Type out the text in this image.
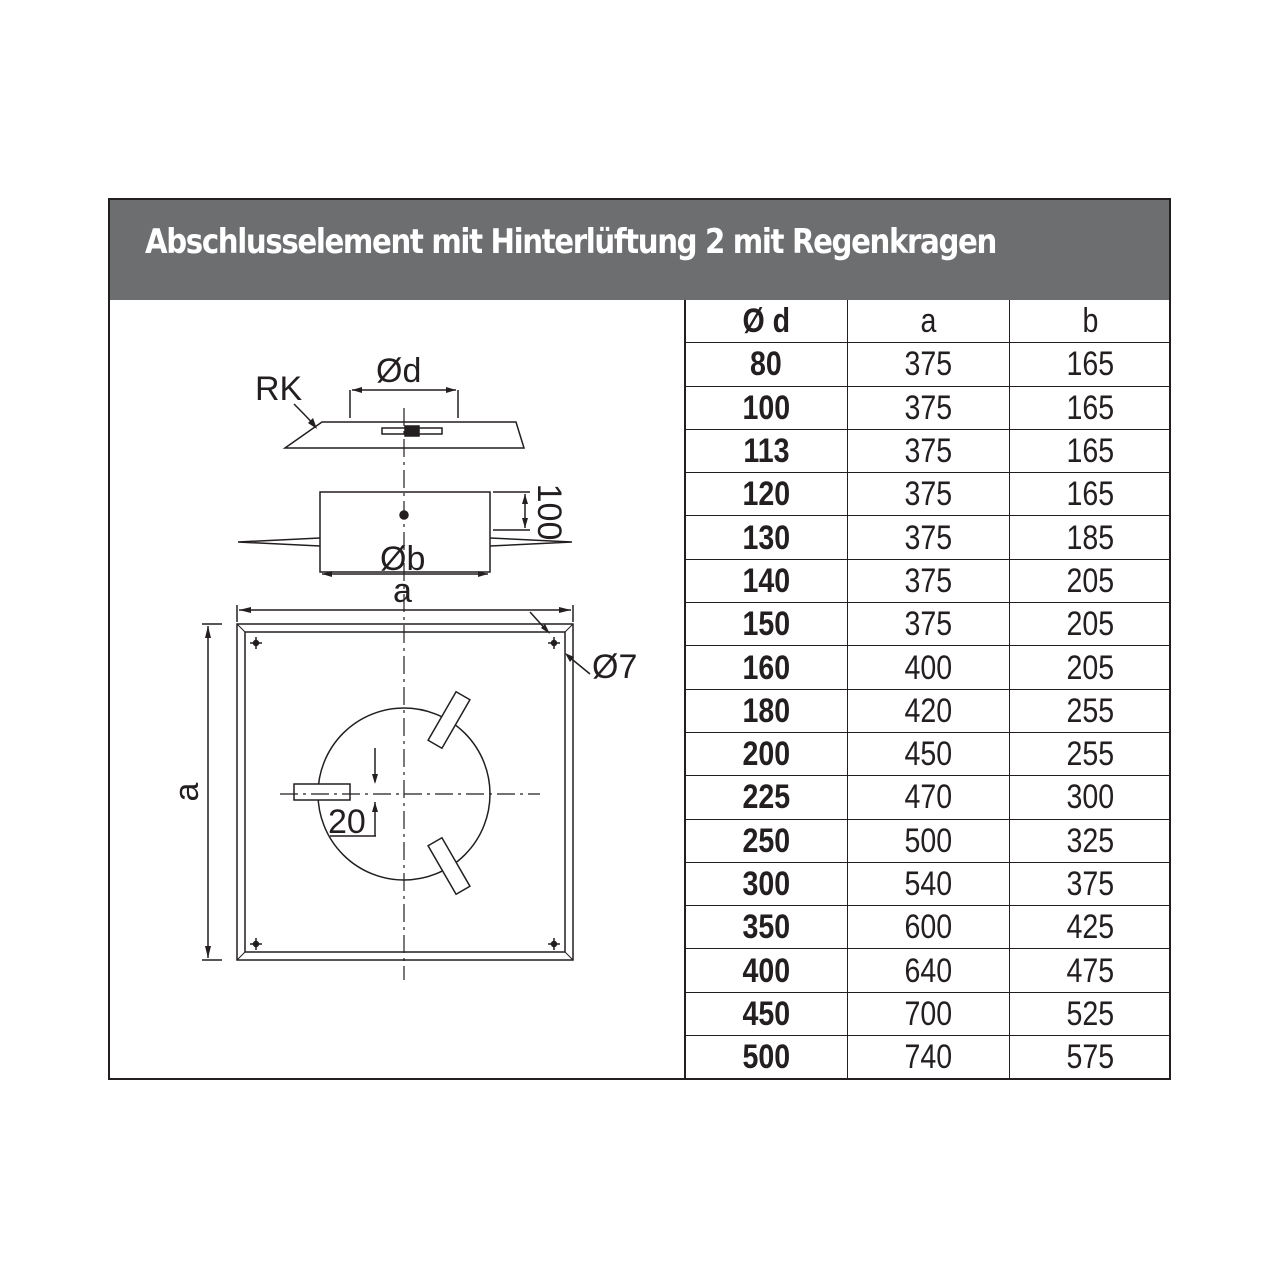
Abschlusselement mit Hinterlüftung 2 mit Regenkragen
RK Ød
100
Øb
a
Ø7
a
20
Ø d	a	b
80	375	165
100	375	165
113	375	165
120	375	165
130	375	185
140	375	205
150	375	205
160	400	205
180	420	255
200	450	255
225	470	300
250	500	325
300	540	375
350	600	425
400	640	475
450	700	525
500	740	575
